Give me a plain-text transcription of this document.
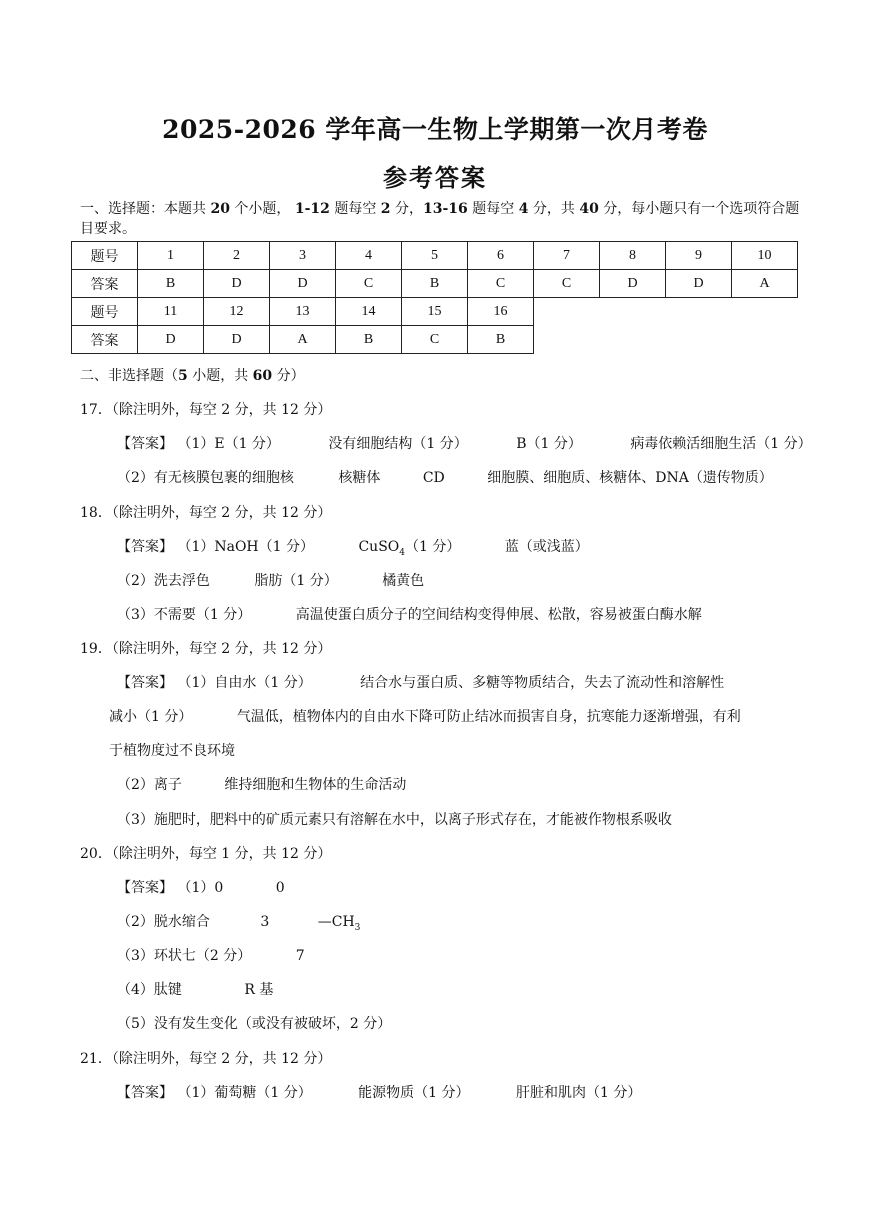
2025-2026 学年高一生物上学期第一次月考卷
参考答案
一、选择题：本题共 20 个小题， 1-12 题每空 2 分，13-16 题每空 4 分，共 40 分，每小题只有一个选项符合题目要求。
题号	1	2	3	4	5	6	7	8	9	10
答案	B	D	D	C	B	C	C	D	D	A
题号	11	12	13	14	15	16				
答案	D	D	A	B	C	B				
二、非选择题（5 小题，共 60 分）
17．（除注明外，每空 2 分，共 12 分）
【答案】 （1）E（1 分）	没有细胞结构（1 分）	B（1 分）	病毒依赖活细胞生活（1 分）
（2）有无核膜包裹的细胞核	核糖体	CD	细胞膜、细胞质、核糖体、DNA（遗传物质）
18．（除注明外，每空 2 分，共 12 分）
【答案】 （1）NaOH（1 分）	CuSO$_4$（1 分）	蓝（或浅蓝）
（2）洗去浮色	脂肪（1 分）	橘黄色
（3）不需要（1 分）	高温使蛋白质分子的空间结构变得伸展、松散，容易被蛋白酶水解
19．（除注明外，每空 2 分，共 12 分）
【答案】 （1）自由水（1 分）	结合水与蛋白质、多糖等物质结合，失去了流动性和溶解性
减小（1 分）	气温低，植物体内的自由水下降可防止结冰而损害自身，抗寒能力逐渐增强，有利
于植物度过不良环境
（2）离子	维持细胞和生物体的生命活动
（3）施肥时，肥料中的矿质元素只有溶解在水中，以离子形式存在，才能被作物根系吸收
20．（除注明外，每空 1 分，共 12 分）
【答案】 （1）0	0
（2）脱水缩合	3	$—CH_3$
（3）环状七（2 分）	7
（4）肽键	R 基
（5）没有发生变化（或没有被破坏，2 分）
21．（除注明外，每空 2 分，共 12 分）
【答案】 （1）葡萄糖（1 分）	能源物质（1 分）	肝脏和肌肉（1 分）
